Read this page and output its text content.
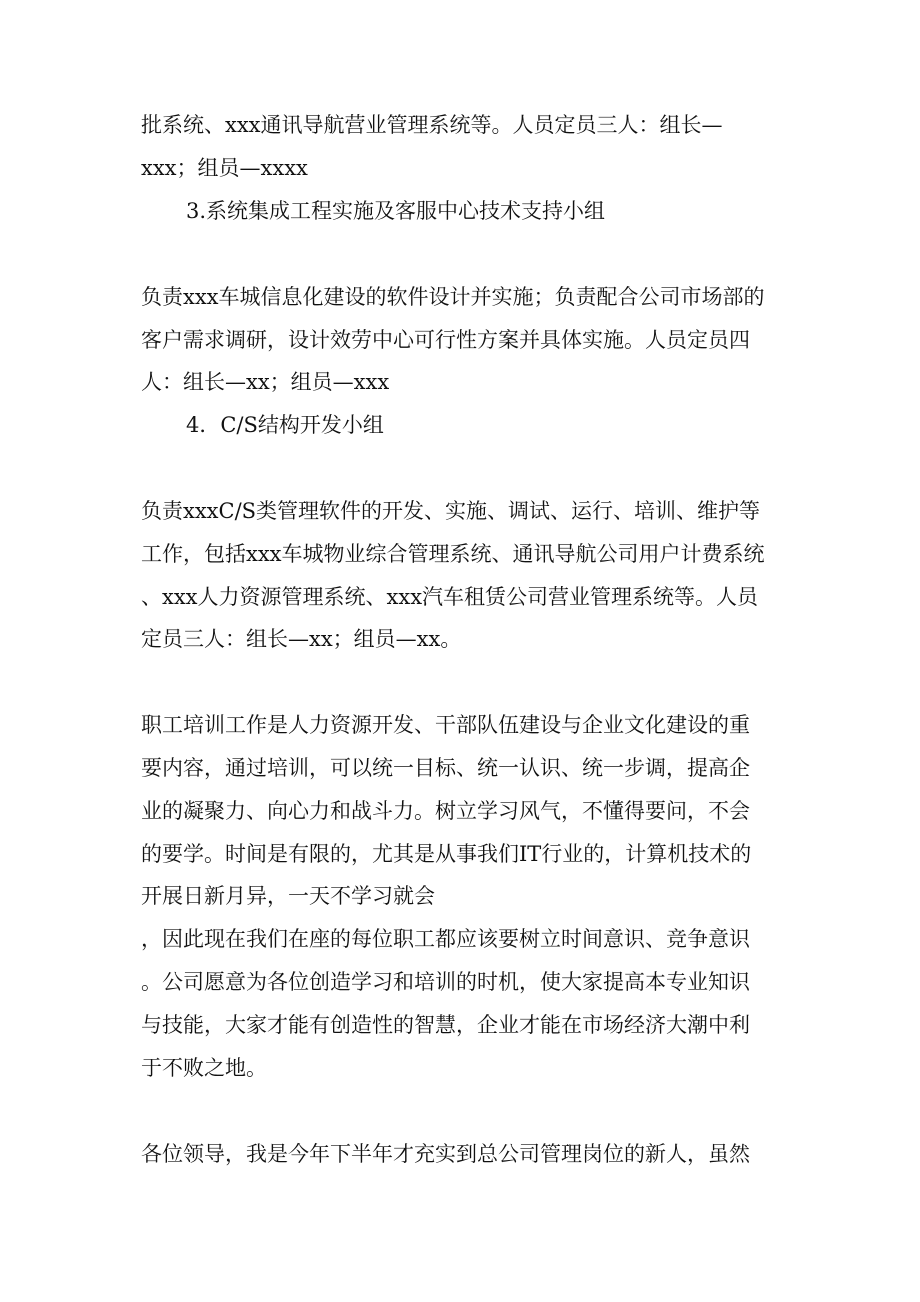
批系统、xxx通讯导航营业管理系统等。人员定员三人：组长—
xxx；组员—xxxx
3.系统集成工程实施及客服中心技术支持小组
负责xxx车城信息化建设的软件设计并实施；负责配合公司市场部的
客户需求调研，设计效劳中心可行性方案并具体实施。人员定员四
人：组长—xx；组员—xxx
4．C/S结构开发小组
负责xxxC/S类管理软件的开发、实施、调试、运行、培训、维护等
工作，包括xxx车城物业综合管理系统、通讯导航公司用户计费系统
、xxx人力资源管理系统、xxx汽车租赁公司营业管理系统等。人员
定员三人：组长—xx；组员—xx。
职工培训工作是人力资源开发、干部队伍建设与企业文化建设的重
要内容，通过培训，可以统一目标、统一认识、统一步调，提高企
业的凝聚力、向心力和战斗力。树立学习风气，不懂得要问，不会
的要学。时间是有限的，尤其是从事我们IT行业的，计算机技术的
开展日新月异，一天不学习就会
，因此现在我们在座的每位职工都应该要树立时间意识、竞争意识
。公司愿意为各位创造学习和培训的时机，使大家提高本专业知识
与技能，大家才能有创造性的智慧，企业才能在市场经济大潮中利
于不败之地。
各位领导，我是今年下半年才充实到总公司管理岗位的新人，虽然
